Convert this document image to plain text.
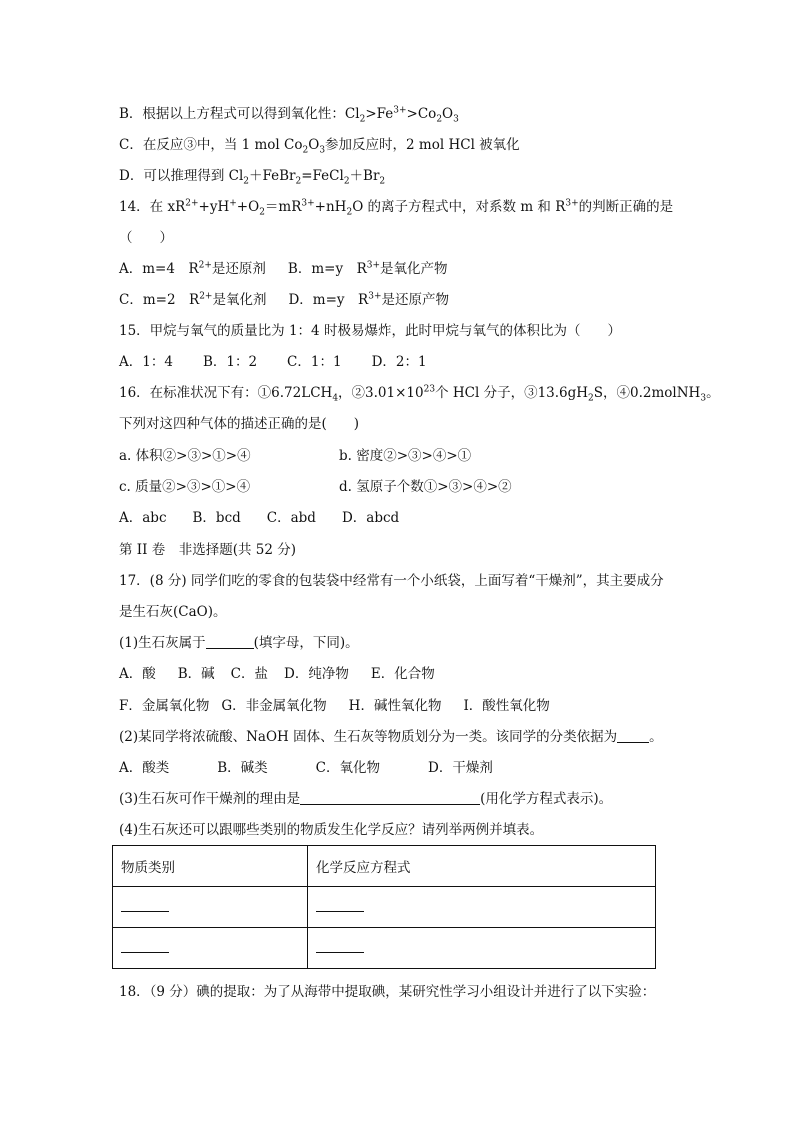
B．根据以上方程式可以得到氧化性：$Cl_2>Fe^{3+}>Co_2O_3$
C．在反应③中，当 1 mol $Co_2O_3$参加反应时，2 mol HCl 被氧化
D．可以推理得到 $Cl_2+FeBr_2=FeCl_2+Br_2$
14．在 $xR^{2+}+yH^++O_2=mR^{3+}+nH_2O$ 的离子方程式中，对系数 m 和 $R^{3+}$的判断正确的是
（　　）
A．m=4　$R^{2+}$是还原剂 B．m=y　$R^{3+}$是氧化产物
C．m=2　$R^{2+}$是氧化剂 D．m=y　$R^{3+}$是还原产物
15．甲烷与氧气的质量比为 1：4 时极易爆炸，此时甲烷与氧气的体积比为（　　）
A．1：4 B．1：2 C．1：1 D．2：1
16．在标准状况下有：$①6.72LCH_4$，$②3.01\times 10^{23}$个 HCl 分子，$③13.6gH_2S$，④0.2molNH$_3$。
下列对这四种气体的描述正确的是(　　)
a. 体积②>③>①>④	b. 密度②>③>④>①
c. 质量②>③>①>④	d. 氢原子个数①>③>④>②
A．abc B．bcd C．abd D．abcd
第 II 卷　非选择题(共 52 分)
17．(8 分) 同学们吃的零食的包装袋中经常有一个小纸袋，上面写着“干燥剂”，其主要成分
是生石灰(CaO)。
(1)生石灰属于	(填字母，下同)。
A．酸 B．碱 C．盐 D．纯净物 E．化合物
F．金属氧化物 G．非金属氧化物 H．碱性氧化物 I．酸性氧化物
(2)某同学将浓硫酸、NaOH 固体、生石灰等物质划分为一类。该同学的分类依据为 。
A．酸类	B．碱类	C．氧化物	D．干燥剂
(3)生石灰可作干燥剂的理由是	(用化学方程式表示)。
(4)生石灰还可以跟哪些类别的物质发生化学反应？请列举两例并填表。
物质类别	化学反应方程式

18．（9 分）碘的提取：为了从海带中提取碘，某研究性学习小组设计并进行了以下实验：
